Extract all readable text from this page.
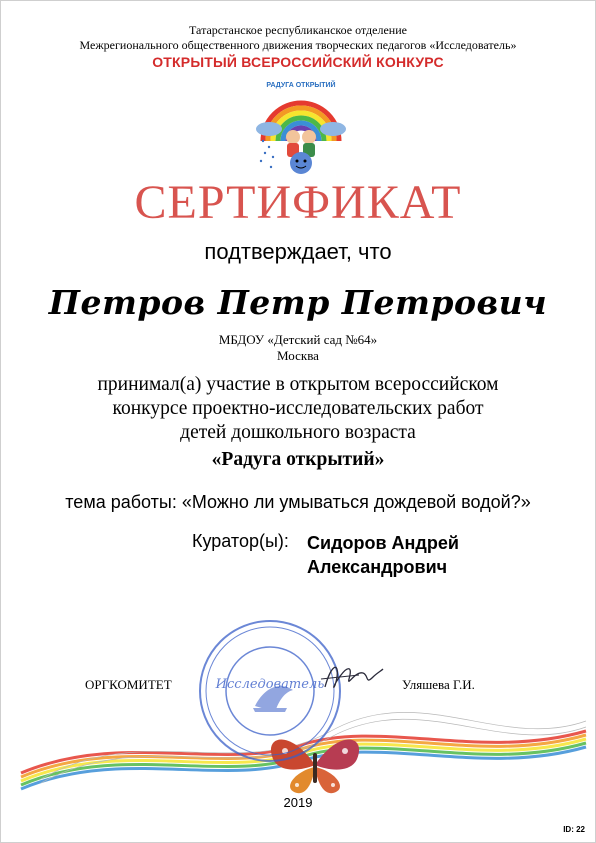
Татарстанское республиканское отделение
Межрегионального общественного движения творческих педагогов «Исследователь»
ОТКРЫТЫЙ ВСЕРОССИЙСКИЙ КОНКУРС
РАДУГА ОТКРЫТИЙ
СЕРТИФИКАТ
подтверждает, что
Петров Петр Петрович
МБДОУ «Детский сад №64»
Москва
принимал(а) участие в открытом всероссийском
конкурсе проектно-исследовательских работ
детей дошкольного возраста
«Радуга открытий»
тема работы: «Можно ли умываться дождевой водой?»
Куратор(ы): Сидоров Андрей Александрович
Исследователь
ОРГКОМИТЕТ	Уляшева Г.И.
2019
ID: 22
